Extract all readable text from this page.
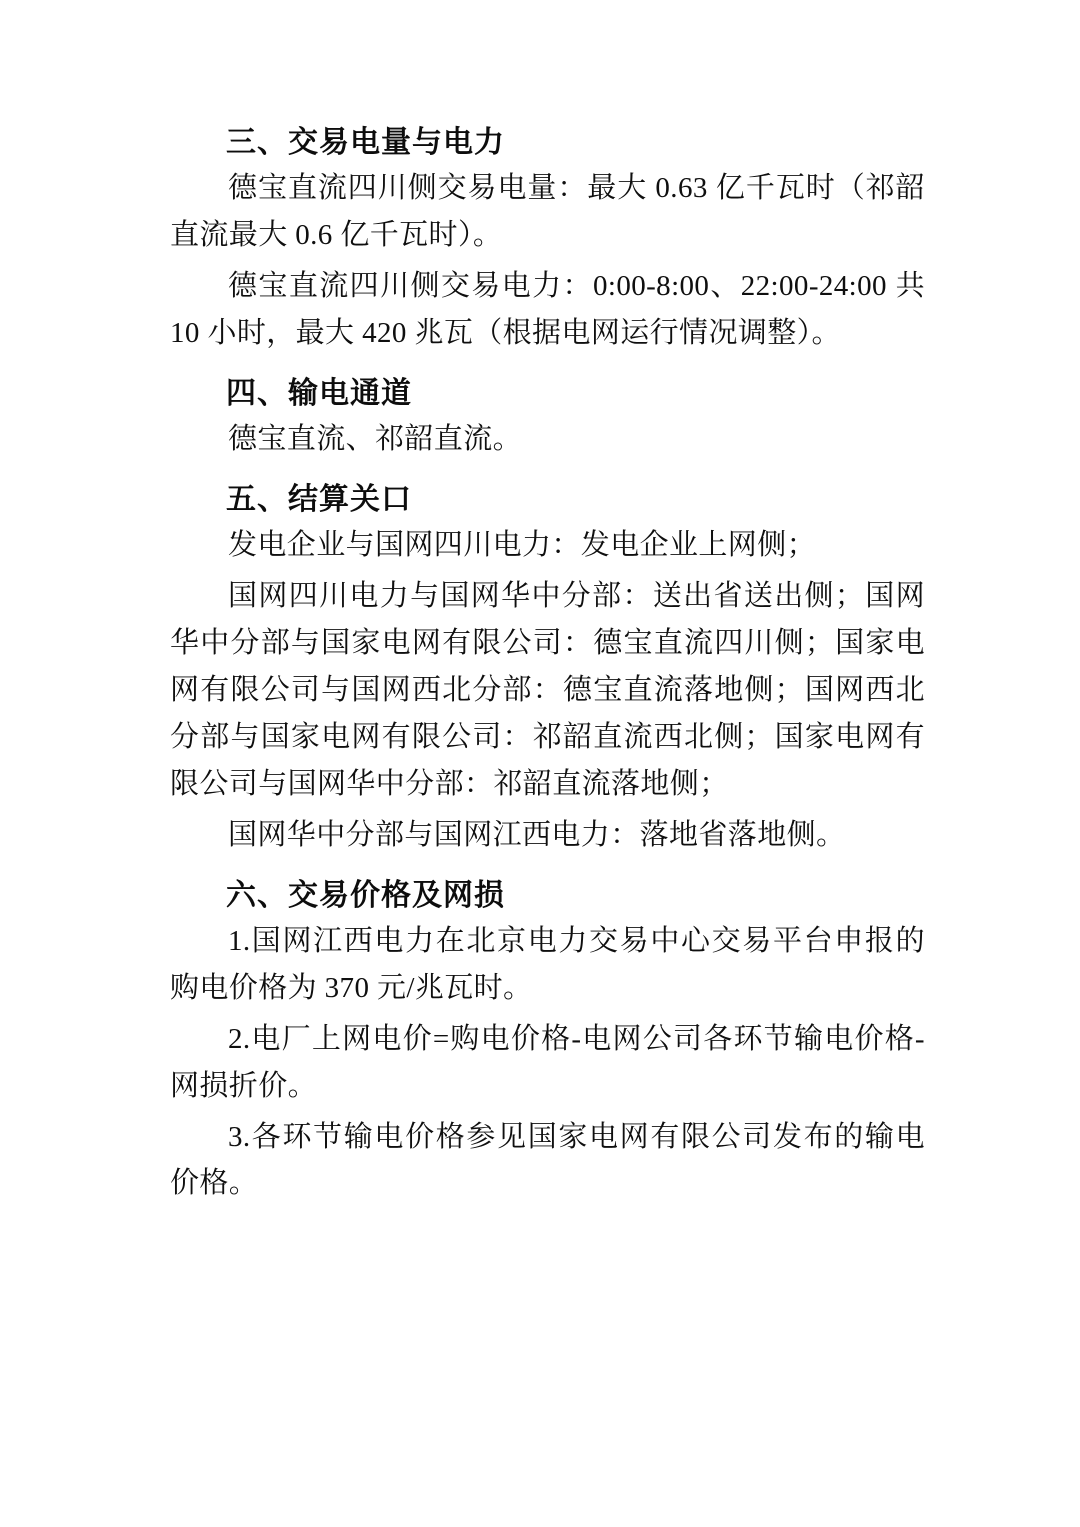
三、交易电量与电力

德宝直流四川侧交易电量：最大 0.63 亿千瓦时（祁韶直流最大 0.6 亿千瓦时）。

德宝直流四川侧交易电力：0:00-8:00、22:00-24:00 共 10 小时，最大 420 兆瓦（根据电网运行情况调整）。

四、输电通道

德宝直流、祁韶直流。

五、结算关口

发电企业与国网四川电力：发电企业上网侧；

国网四川电力与国网华中分部：送出省送出侧；国网华中分部与国家电网有限公司：德宝直流四川侧；国家电网有限公司与国网西北分部：德宝直流落地侧；国网西北分部与国家电网有限公司：祁韶直流西北侧；国家电网有限公司与国网华中分部：祁韶直流落地侧；

国网华中分部与国网江西电力：落地省落地侧。

六、交易价格及网损

1.国网江西电力在北京电力交易中心交易平台申报的购电价格为 370 元/兆瓦时。

2.电厂上网电价=购电价格-电网公司各环节输电价格-网损折价。

3.各环节输电价格参见国家电网有限公司发布的输电价格。
